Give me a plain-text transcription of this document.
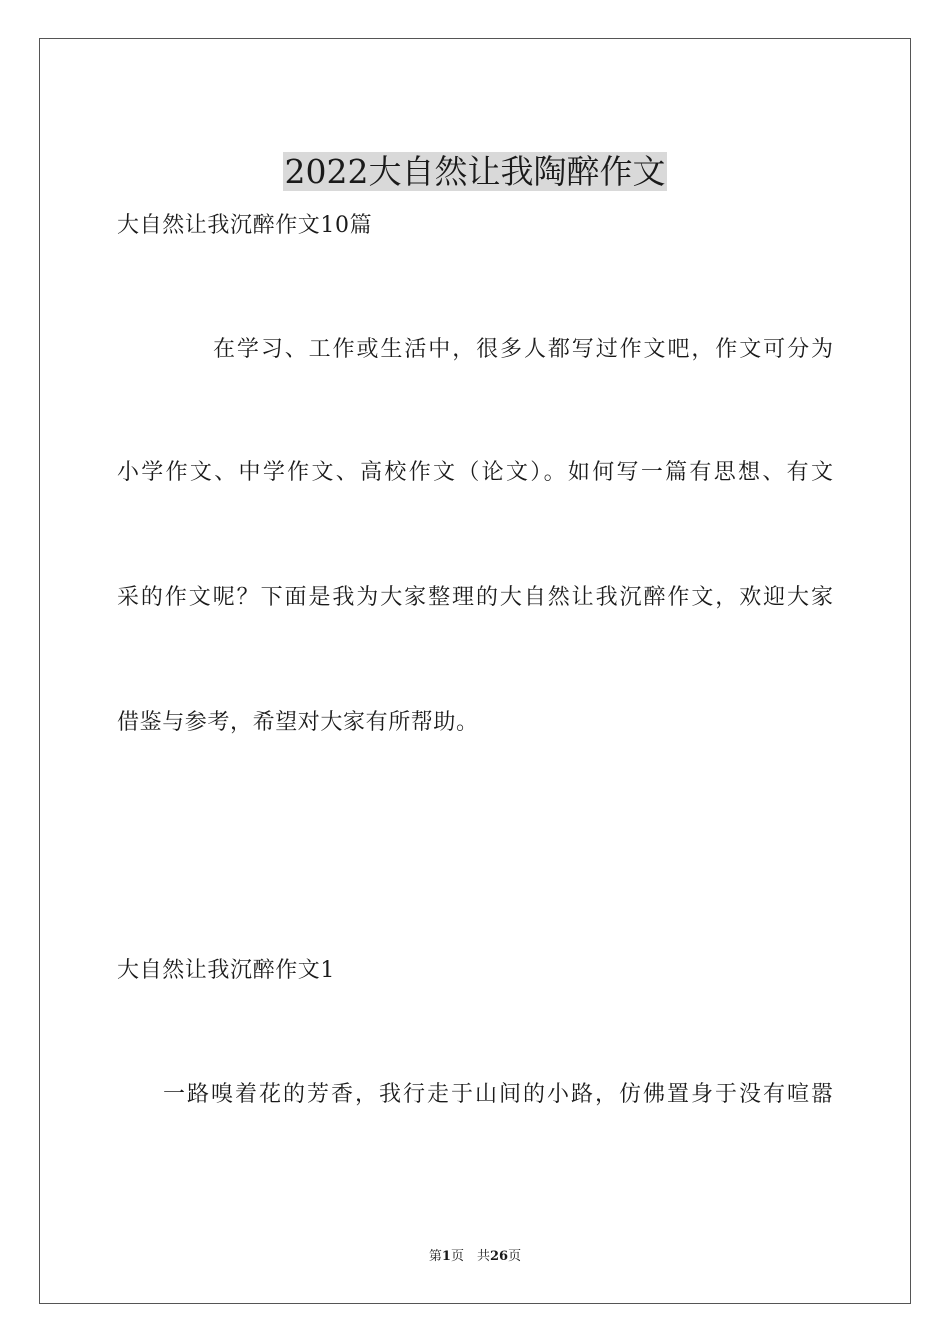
2022大自然让我陶醉作文
大自然让我沉醉作文10篇
在学习、工作或生活中，很多人都写过作文吧，作文可分为
小学作文、中学作文、高校作文（论文）。如何写一篇有思想、有文
采的作文呢？下面是我为大家整理的大自然让我沉醉作文，欢迎大家
借鉴与参考，希望对大家有所帮助。
大自然让我沉醉作文1
一路嗅着花的芳香，我行走于山间的小路，仿佛置身于没有喧嚣
第1页　共26页
